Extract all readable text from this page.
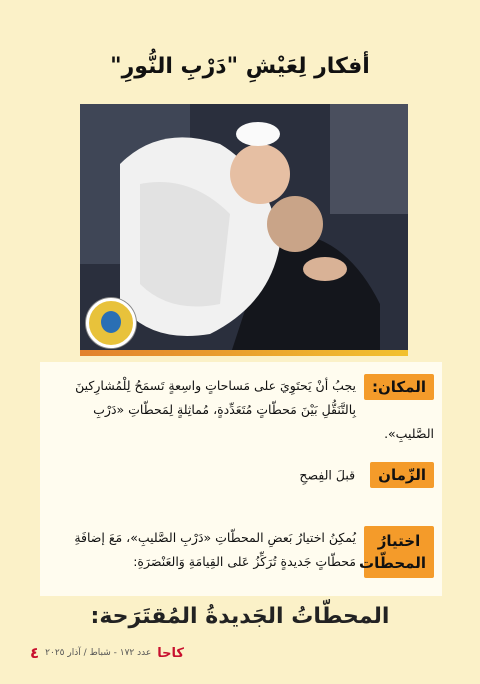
أفكار لِعَيْشِ "دَرْبِ النُّورِ"
المكان:
يجبُ أنْ يَحتَوِيَ على مَساحاتٍ واسِعةٍ تَسمَحُ لِلْمُشارِكينَ بِالتَّنَقُّلِ بَيْنَ مَحطّاتٍ مُتَعَدِّدةٍ، مُماثِلةٍ لِمَحطّاتِ «دَرْبِ الصَّليبِ».
الزّمان قبلَ الفِصحِ
اختيارُ المحطّات
يُمكِنُ اختيارُ بَعضِ المحطّاتِ «دَرْبِ الصَّليبِ»، مَعَ إضافَةِ مَحطّاتٍ جَديدةٍ تُرَكِّزُ عَلى القِيامَةِ وَالعَنْصَرَةِ:
المحطّاتُ الجَديدةُ المُقتَرَحة:
٤ عدد ١٧٢ - شباط / آذار ٢٠٢٥ كاحا
